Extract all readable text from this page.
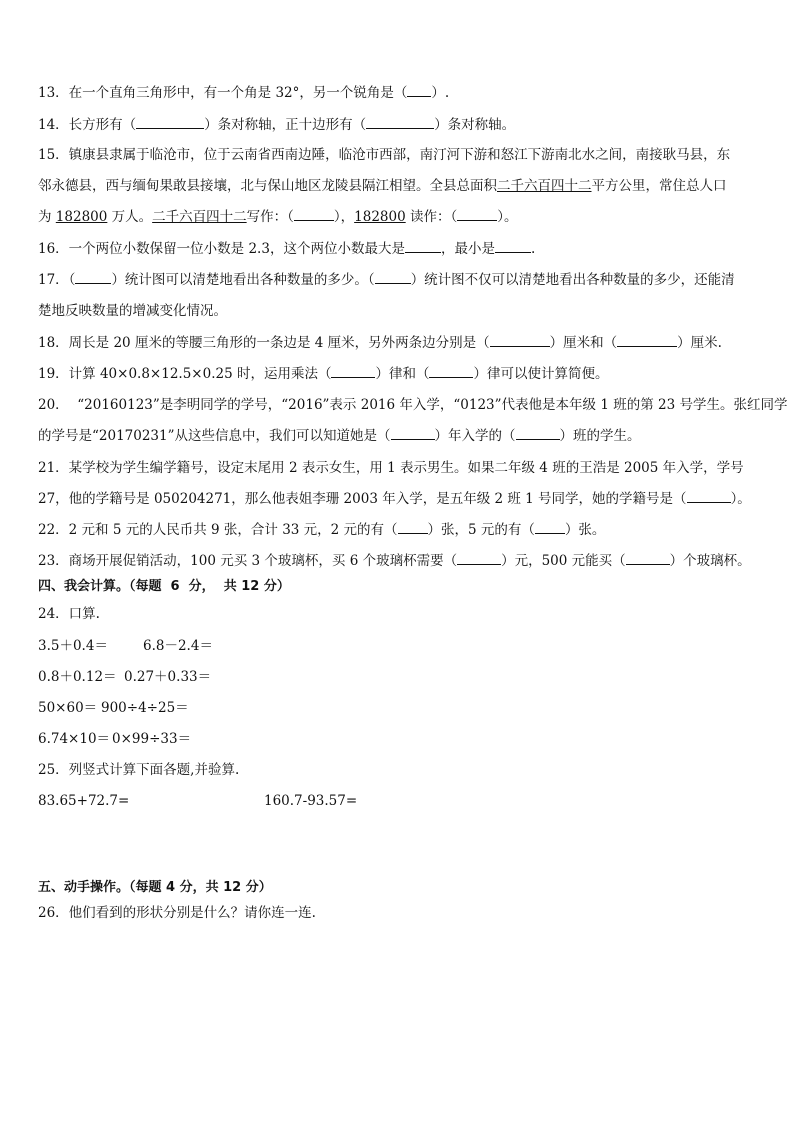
13．在一个直角三角形中，有一个角是 32°，另一个锐角是（ ）.
14．长方形有（	）条对称轴，正十边形有（	）条对称轴。
15．镇康县隶属于临沧市，位于云南省西南边陲，临沧市西部，南汀河下游和怒江下游南北水之间，南接耿马县，东
邻永德县，西与缅甸果敢县接壤，北与保山地区龙陵县隔江相望。全县总面积二千六百四十二平方公里，常住总人口
为 182800 万人。二千六百四十二写作：（	），182800 读作：（	）。
16．一个两位小数保留一位小数是 2.3，这个两位小数最大是	，最小是	.
17．（	）统计图可以清楚地看出各种数量的多少。（	）统计图不仅可以清楚地看出各种数量的多少，还能清
楚地反映数量的增减变化情况。
18．周长是 20 厘米的等腰三角形的一条边是 4 厘米，另外两条边分别是（	）厘米和（	）厘米.
19．计算 40×0.8×12.5×0.25 时，运用乘法（	）律和（	）律可以使计算简便。
20．  “20160123”是李明同学的学号，“2016”表示 2016 年入学，“0123”代表他是本年级 1 班的第 23 号学生。张红同学
的学号是“20170231”从这些信息中，我们可以知道她是（	）年入学的（	）班的学生。
21．某学校为学生编学籍号，设定末尾用 2 表示女生，用 1 表示男生。如果二年级 4 班的王浩是 2005 年入学，学号
27，他的学籍号是 050204271，那么他表姐李珊 2003 年入学，是五年级 2 班 1 号同学，她的学籍号是（	）。
22．2 元和 5 元的人民币共 9 张，合计 33 元，2 元的有（ ）张，5 元的有（ ）张。
23．商场开展促销活动，100 元买 3 个玻璃杯，买 6 个玻璃杯需要（	）元，500 元能买（	）个玻璃杯。
四、我会计算。（每题  6  分，  共 12 分）
24．口算.
3.5＋0.4＝	6.8－2.4＝
0.8＋0.12＝ 0.27＋0.33＝
50×60＝ 900÷4÷25＝
6.74×10＝ 0×99÷33＝
25．列竖式计算下面各题,并验算.
83.65+72.7=	160.7-93.57=
五、动手操作。（每题 4 分，共 12 分）
26．他们看到的形状分别是什么？请你连一连.
